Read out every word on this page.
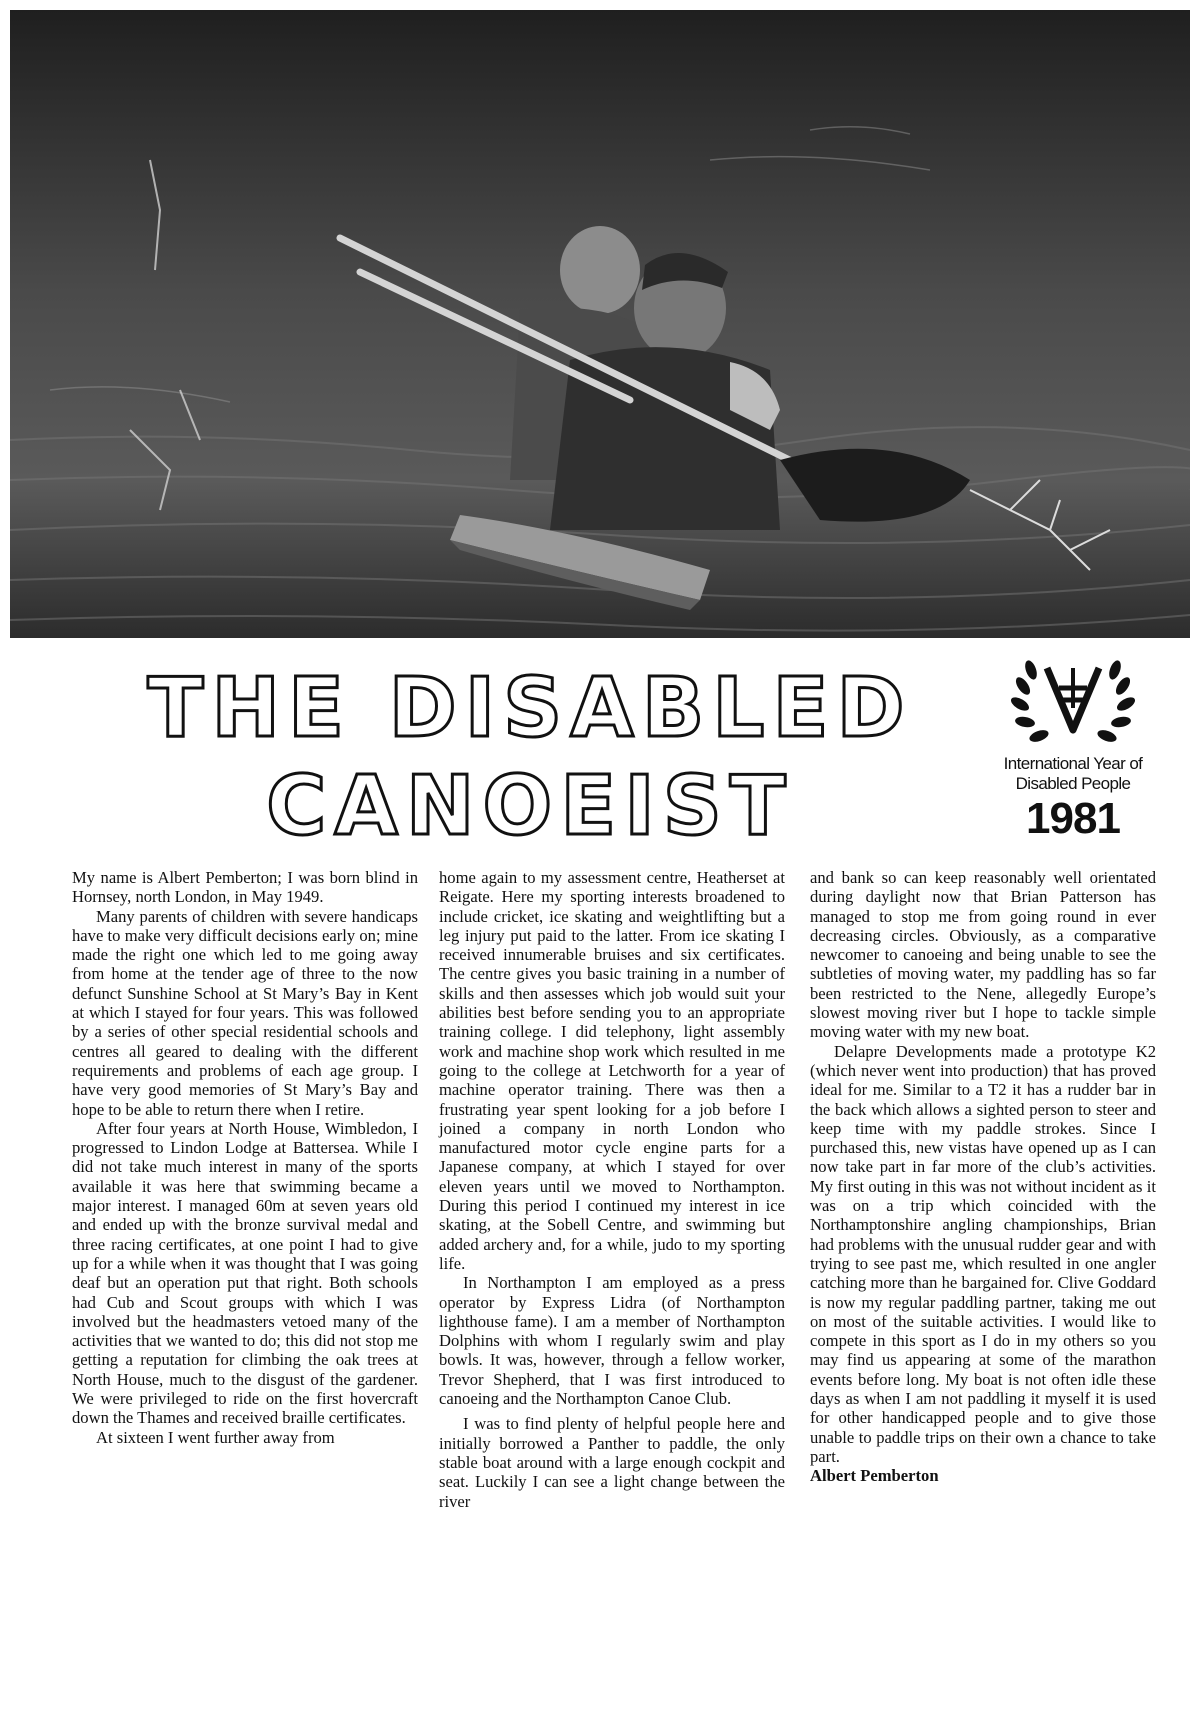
THE DISABLED
CANOEIST	International Year of
Disabled People
1981

My name is Albert Pemberton; I was born blind in Hornsey, north London, in May 1949.

Many parents of children with severe handicaps have to make very difficult decisions early on; mine made the right one which led to me going away from home at the tender age of three to the now defunct Sunshine School at St Mary’s Bay in Kent at which I stayed for four years. This was followed by a series of other special residential schools and centres all geared to dealing with the different requirements and problems of each age group. I have very good memories of St Mary’s Bay and hope to be able to return there when I retire.

After four years at North House, Wimbledon, I progressed to Lindon Lodge at Battersea. While I did not take much interest in many of the sports available it was here that swimming became a major interest. I managed 60m at seven years old and ended up with the bronze survival medal and three racing certificates, at one point I had to give up for a while when it was thought that I was going deaf but an operation put that right. Both schools had Cub and Scout groups with which I was involved but the headmasters vetoed many of the activities that we wanted to do; this did not stop me getting a reputation for climbing the oak trees at North House, much to the disgust of the gardener. We were privileged to ride on the first hovercraft down the Thames and received braille certificates.

At sixteen I went further away from

home again to my assessment centre, Heatherset at Reigate. Here my sporting interests broadened to include cricket, ice skating and weightlifting but a leg injury put paid to the latter. From ice skating I received innumerable bruises and six certificates. The centre gives you basic training in a number of skills and then assesses which job would suit your abilities best before sending you to an appropriate training college. I did telephony, light assembly work and machine shop work which resulted in me going to the college at Letchworth for a year of machine operator training. There was then a frustrating year spent looking for a job before I joined a company in north London who manufactured motor cycle engine parts for a Japanese company, at which I stayed for over eleven years until we moved to Northampton. During this period I continued my interest in ice skating, at the Sobell Centre, and swimming but added archery and, for a while, judo to my sporting life.

In Northampton I am employed as a press operator by Express Lidra (of Northampton lighthouse fame). I am a member of Northampton Dolphins with whom I regularly swim and play bowls. It was, however, through a fellow worker, Trevor Shepherd, that I was first introduced to canoeing and the Northampton Canoe Club.

I was to find plenty of helpful people here and initially borrowed a Panther to paddle, the only stable boat around with a large enough cockpit and seat. Luckily I can see a light change between the river

and bank so can keep reasonably well orientated during daylight now that Brian Patterson has managed to stop me from going round in ever decreasing circles. Obviously, as a comparative newcomer to canoeing and being unable to see the subtleties of moving water, my paddling has so far been restricted to the Nene, allegedly Europe’s slowest moving river but I hope to tackle simple moving water with my new boat.

Delapre Developments made a prototype K2 (which never went into production) that has proved ideal for me. Similar to a T2 it has a rudder bar in the back which allows a sighted person to steer and keep time with my paddle strokes. Since I purchased this, new vistas have opened up as I can now take part in far more of the club’s activities. My first outing in this was not without incident as it was on a trip which coincided with the Northamptonshire angling championships, Brian had problems with the unusual rudder gear and with trying to see past me, which resulted in one angler catching more than he bargained for. Clive Goddard is now my regular paddling partner, taking me out on most of the suitable activities. I would like to compete in this sport as I do in my others so you may find us appearing at some of the marathon events before long. My boat is not often idle these days as when I am not paddling it myself it is used for other handicapped people and to give those unable to paddle trips on their own a chance to take part.

Albert Pemberton
